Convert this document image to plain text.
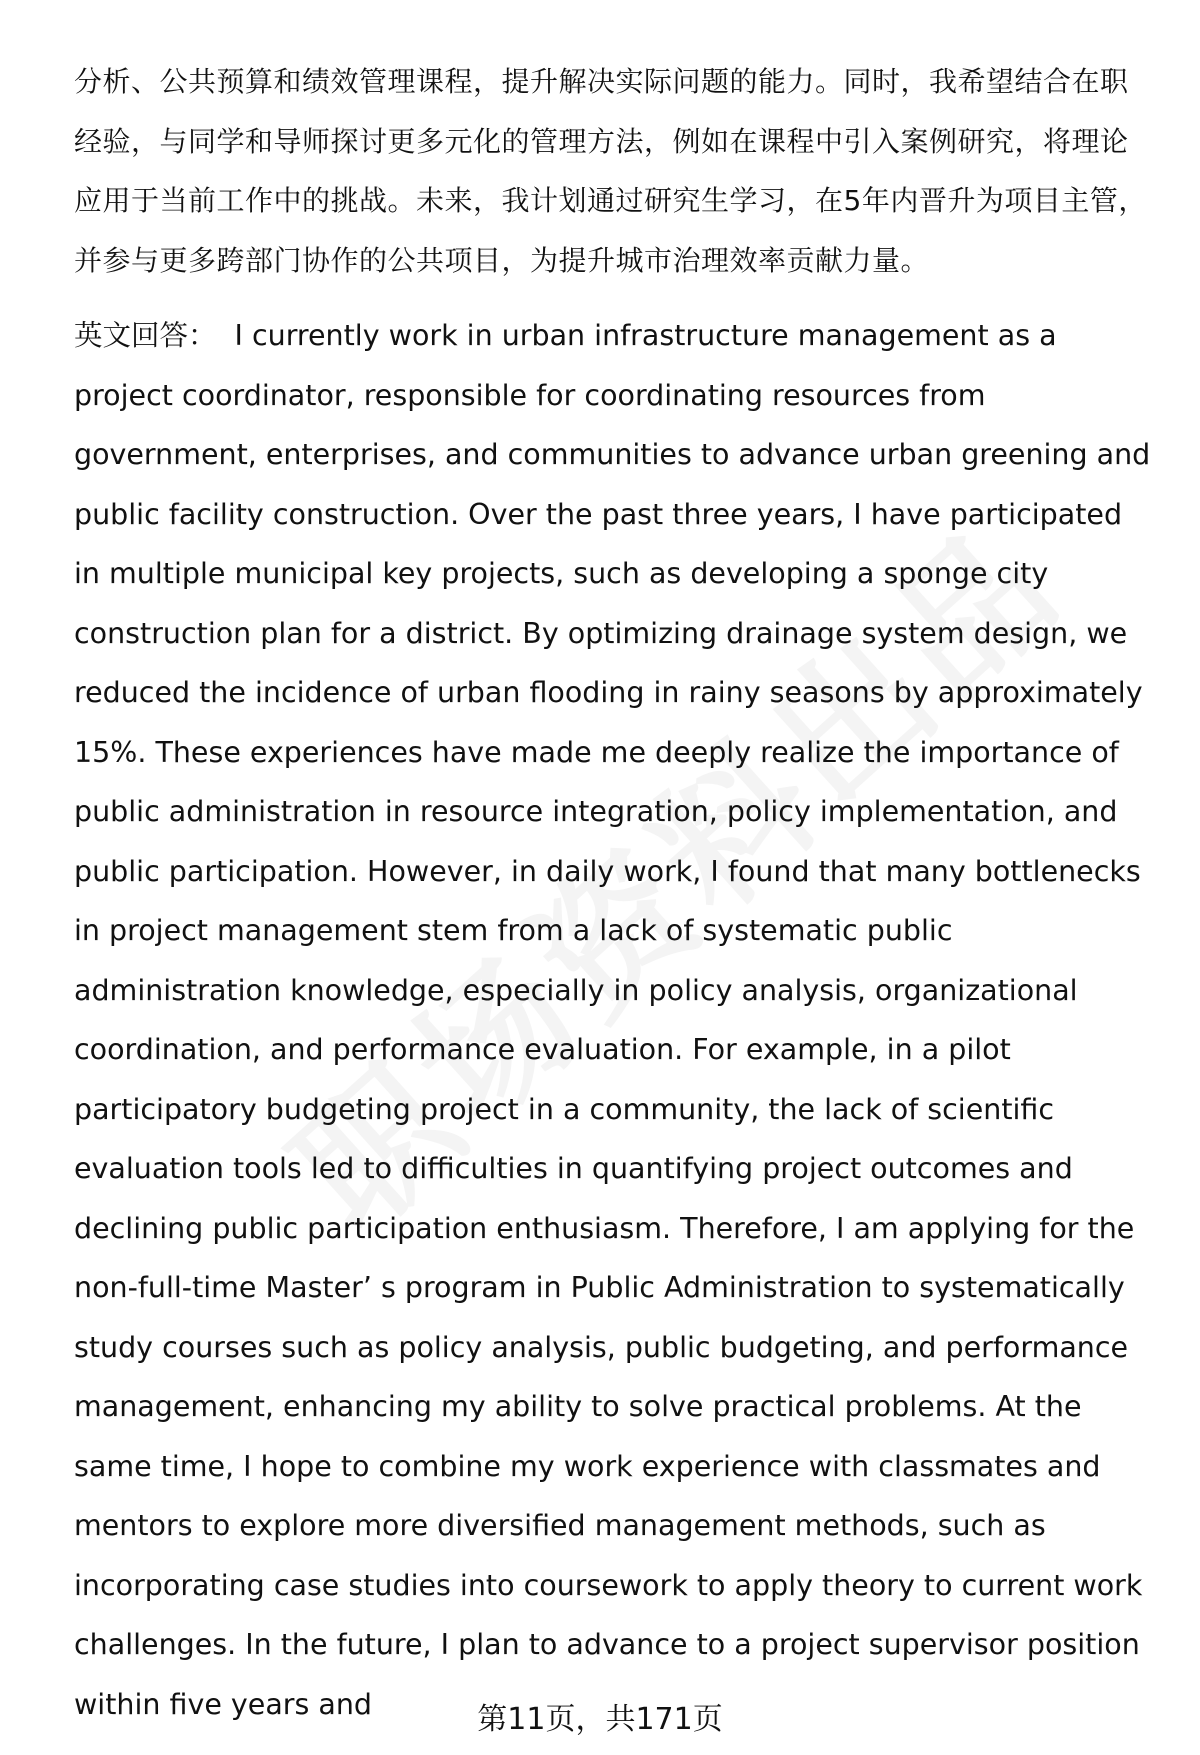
分析、公共预算和绩效管理课程，提升解决实际问题的能力。同时，我希望结合在职经验，与同学和导师探讨更多元化的管理方法，例如在课程中引入案例研究，将理论应用于当前工作中的挑战。未来，我计划通过研究生学习，在5年内晋升为项目主管，并参与更多跨部门协作的公共项目，为提升城市治理效率贡献力量。

英文回答： I currently work in urban infrastructure management as a project coordinator, responsible for coordinating resources from government, enterprises, and communities to advance urban greening and public facility construction. Over the past three years, I have participated in multiple municipal key projects, such as developing a sponge city construction plan for a district. By optimizing drainage system design, we reduced the incidence of urban flooding in rainy seasons by approximately 15%. These experiences have made me deeply realize the importance of public administration in resource integration, policy implementation, and public participation. However, in daily work, I found that many bottlenecks in project management stem from a lack of systematic public administration knowledge, especially in policy analysis, organizational coordination, and performance evaluation. For example, in a pilot participatory budgeting project in a community, the lack of scientific evaluation tools led to difficulties in quantifying project outcomes and declining public participation enthusiasm. Therefore, I am applying for the non-full-time Master’ s program in Public Administration to systematically study courses such as policy analysis, public budgeting, and performance management, enhancing my ability to solve practical problems. At the same time, I hope to combine my work experience with classmates and mentors to explore more diversified management methods, such as incorporating case studies into coursework to apply theory to current work challenges. In the future, I plan to advance to a project supervisor position within five years and	第11页，共171页
